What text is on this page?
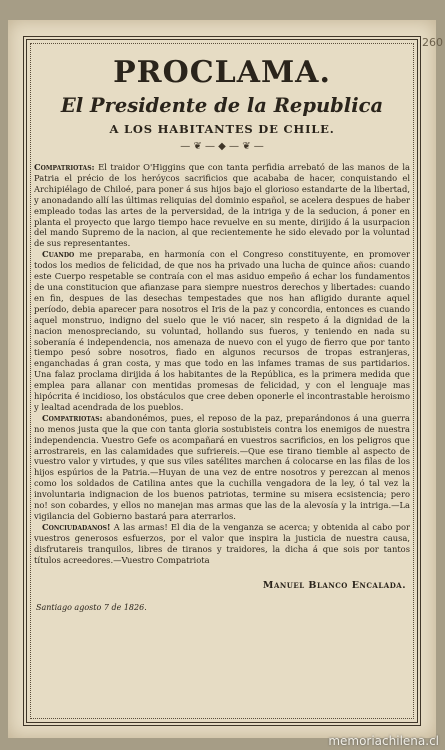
260
PROCLAMA.
El Presidente de la Republica
A LOS HABITANTES DE CHILE.
— ❦ — ◆ — ❦ —

Compatriotas: El traidor O'Higgins que con tanta perfidia arrebató de las manos de la Patria el précio de los heróycos sacrificios que acababa de hacer, conquistando el Archipiélago de Chiloé, para poner á sus hijos bajo el glorioso estandarte de la libertad, y anonadando allí las últimas reliquias del dominio español, se acelera despues de haber empleado todas las artes de la perversidad, de la intriga y de la seducion, á poner en planta el proyecto que largo tiempo hace revuelve en su mente, dirijido á la usurpacion del mando Supremo de la nacion, al que recientemente he sido elevado por la voluntad de sus representantes.

Cuando me preparaba, en harmonía con el Congreso constituyente, en promover todos los medios de felicidad, de que nos ha privado una lucha de quince años: cuando este Cuerpo respetable se contraía con el mas asiduo empeño á echar los fundamentos de una constitucion que afianzase para siempre nuestros derechos y libertades: cuando en fin, despues de las desechas tempestades que nos han afligido durante aquel período, debia aparecer para nosotros el Iris de la paz y concordia, entonces es cuando aquel monstruo, indigno del suelo que le vió nacer, sin respeto á la dignidad de la nacion menospreciando, su voluntad, hollando sus fueros, y teniendo en nada su soberanía é independencia, nos amenaza de nuevo con el yugo de fierro que por tanto tiempo pesó sobre nosotros, fiado en algunos recursos de tropas estranjeras, enganchadas á gran costa, y mas que todo en las infames tramas de sus partidarios. Una falaz proclama dirijida á los habitantes de la República, es la primera medida que emplea para allanar con mentidas promesas de felicidad, y con el lenguaje mas hipócrita é incidioso, los obstáculos que cree deben oponerle el incontrastable heroismo y lealtad acendrada de los pueblos.

Compatriotas: abandonémos, pues, el reposo de la paz, preparándonos á una guerra no menos justa que la que con tanta gloria sostubisteis contra los enemigos de nuestra independencia. Vuestro Gefe os acompañará en vuestros sacrificios, en los peligros que arrostrareis, en las calamidades que sufriereis.—Que ese tirano tiemble al aspecto de vuestro valor y virtudes, y que sus viles satélites marchen á colocarse en las filas de los hijos espúrios de la Patria.—Huyan de una vez de entre nosotros y perezcan al menos como los soldados de Catilina antes que la cuchilla vengadora de la ley, ó tal vez la involuntaria indignacion de los buenos patriotas, termine su misera ecsistencia; pero no! son cobardes, y ellos no manejan mas armas que las de la alevosía y la intriga.—La vigilancia del Gobierno bastará para aterrarlos.

Conciudadanos! A las armas! El dia de la venganza se acerca; y obtenida al cabo por vuestros generosos esfuerzos, por el valor que inspira la justicia de nuestra causa, disfrutareis tranquilos, libres de tiranos y traidores, la dicha á que sois por tantos títulos acreedores.—Vuestro Compatriota

Manuel Blanco Encalada.
Santiago agosto 7 de 1826.
memoriachilena.cl
